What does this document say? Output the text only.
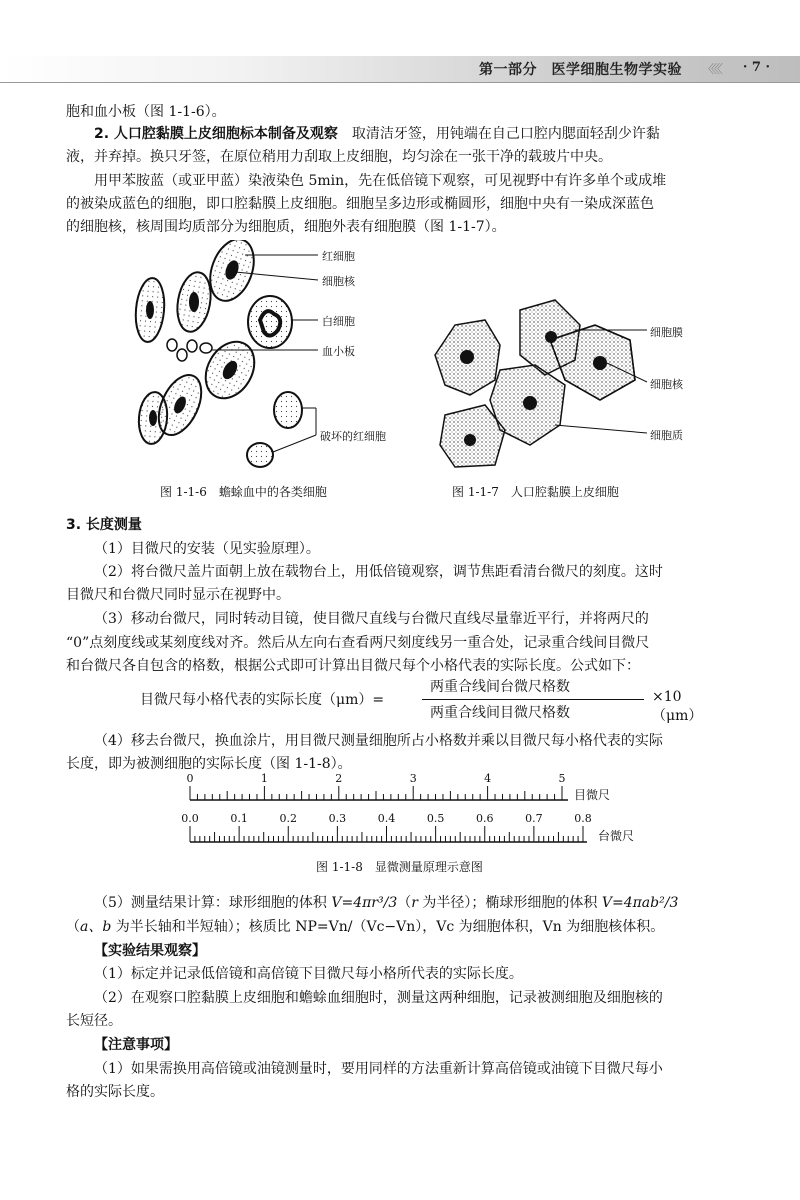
第一部分　医学细胞生物学实验 〈〈〈〈 · 7 ·
胞和血小板（图 1-1-6）。
2. 人口腔黏膜上皮细胞标本制备及观察　取清洁牙签，用钝端在自己口腔内腮面轻刮少许黏
液，并弃掉。换只牙签，在原位稍用力刮取上皮细胞，均匀涂在一张干净的载玻片中央。
用甲苯胺蓝（或亚甲蓝）染液染色 5min，先在低倍镜下观察，可见视野中有许多单个或成堆
的被染成蓝色的细胞，即口腔黏膜上皮细胞。细胞呈多边形或椭圆形，细胞中央有一染成深蓝色
的细胞核，核周围均质部分为细胞质，细胞外表有细胞膜（图 1-1-7）。
红细胞
细胞核
白细胞
血小板
破坏的红细胞
图 1-1-6　蟾蜍血中的各类细胞
细胞膜
细胞核
细胞质
图 1-1-7　人口腔黏膜上皮细胞
3. 长度测量
（1）目微尺的安装（见实验原理）。
（2）将台微尺盖片面朝上放在载物台上，用低倍镜观察，调节焦距看清台微尺的刻度。这时
目微尺和台微尺同时显示在视野中。
（3）移动台微尺，同时转动目镜，使目微尺直线与台微尺直线尽量靠近平行，并将两尺的
“0”点刻度线或某刻度线对齐。然后从左向右查看两尺刻度线另一重合处，记录重合线间目微尺
和台微尺各自包含的格数，根据公式即可计算出目微尺每个小格代表的实际长度。公式如下：
目微尺每小格代表的实际长度（μm）=
两重合线间台微尺格数
两重合线间目微尺格数
×10（μm）
（4）移去台微尺，换血涂片，用目微尺测量细胞所占小格数并乘以目微尺每小格代表的实际
长度，即为被测细胞的实际长度（图 1-1-8）。
0	1	2	3	4	5
0.0	0.1	0.2	0.3	0.4	0.5	0.6	0.7	0.8
目微尺
台微尺
图 1-1-8　显微测量原理示意图
（5）测量结果计算：球形细胞的体积 V=4πr³/3（r 为半径）；椭球形细胞的体积 V=4πab²/3
（a、b 为半长轴和半短轴）；核质比 NP=Vn/（Vc−Vn），Vc 为细胞体积，Vn 为细胞核体积。
【实验结果观察】
（1）标定并记录低倍镜和高倍镜下目微尺每小格所代表的实际长度。
（2）在观察口腔黏膜上皮细胞和蟾蜍血细胞时，测量这两种细胞，记录被测细胞及细胞核的
长短径。
【注意事项】
（1）如果需换用高倍镜或油镜测量时，要用同样的方法重新计算高倍镜或油镜下目微尺每小
格的实际长度。
